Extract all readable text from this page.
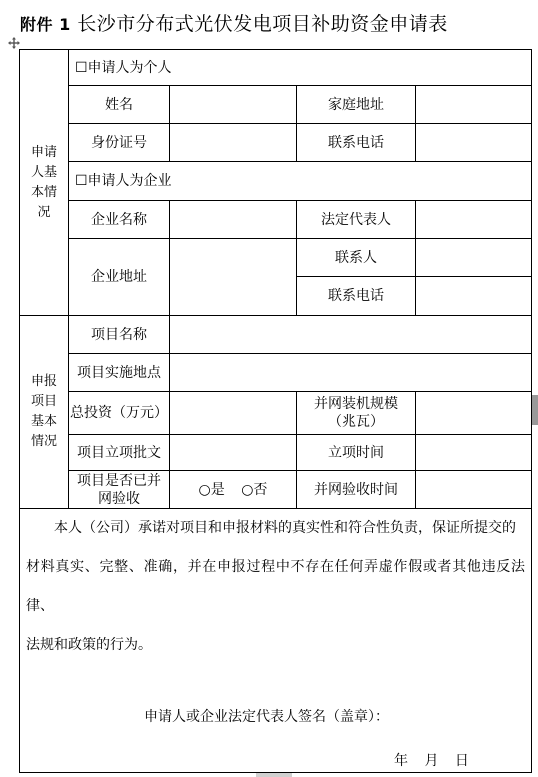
附件 1 长沙市分布式光伏发电项目补助资金申请表
申请人基本情况	☐申请人为个人			
	姓名		家庭地址	
	身份证号		联系电话	
	☐申请人为企业			
	企业名称		法定代表人	
	企业地址		联系人	
			联系电话	

申报项目基本情况	项目名称			
	项目实施地点			
	总投资（万元）		并网装机规模（兆瓦）	

	项目立项批文		立项时间	

	项目是否已并网验收	○是 ○否	并网验收时间	

本人（公司）承诺对项目和申报材料的真实性和符合性负责，保证所提交的

材料真实、完整、准确，并在申报过程中不存在任何弄虚作假或者其他违反法律、

法规和政策的行为。

申请人或企业法定代表人签名（盖章）：
年 月 日				
